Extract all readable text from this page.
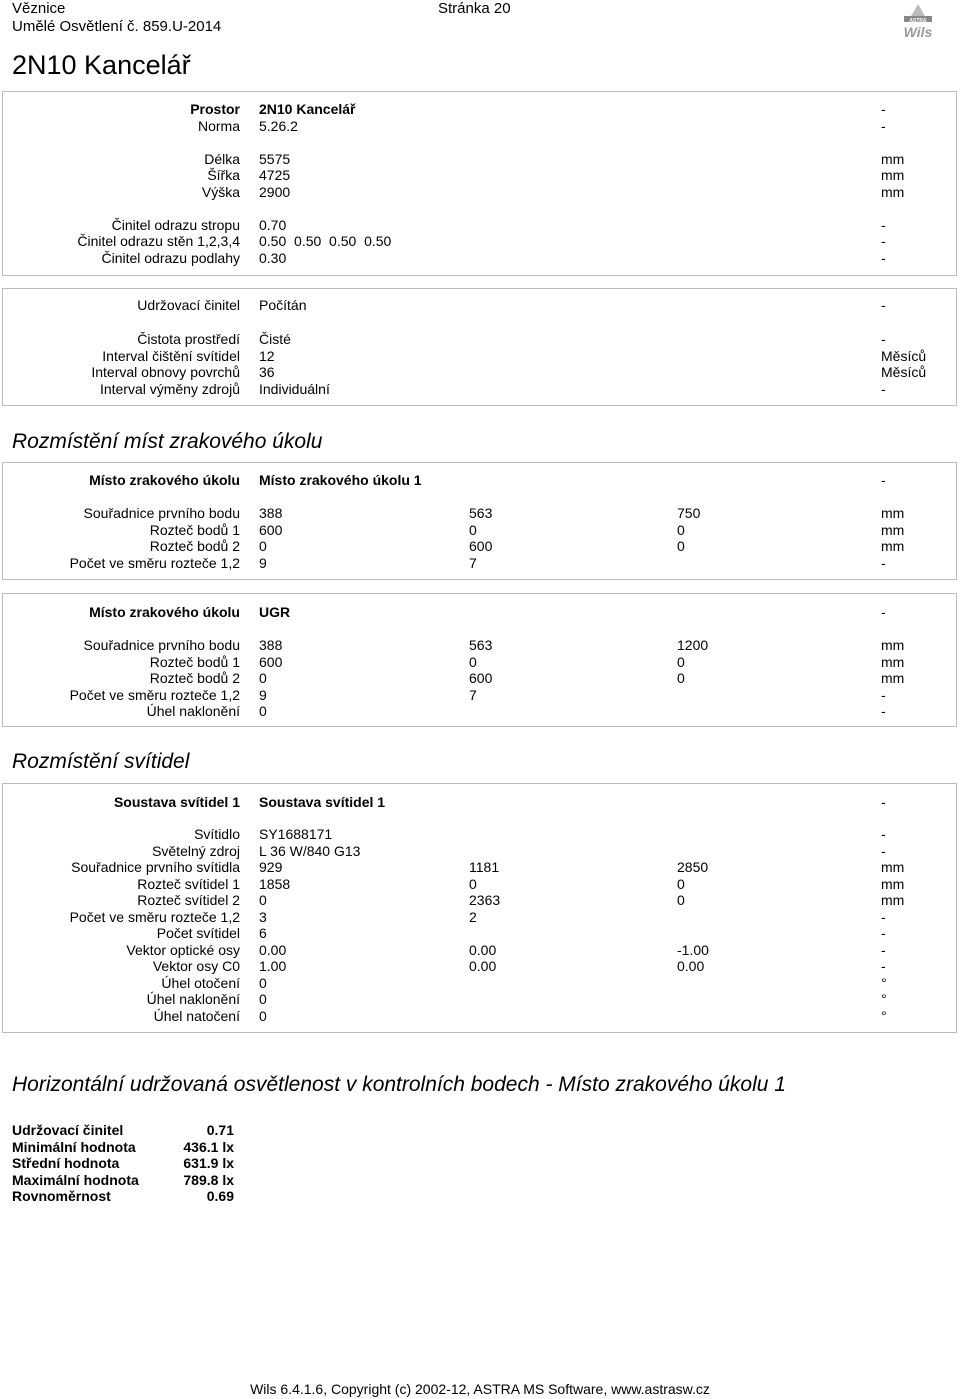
Věznice
Umělé Osvětlení č. 859.U-2014
Stránka 20
ASTRA
Wils
2N10 Kancelář
Prostor 2N10 Kancelář	-
Norma 5.26.2	-
Délka 5575	mm
Šířka 4725	mm
Výška 2900	mm
Činitel odrazu stropu 0.70	-
Činitel odrazu stěn 1,2,3,4 0.50  0.50  0.50  0.50	-
Činitel odrazu podlahy 0.30	-
Udržovací činitel Počítán	-
Čistota prostředí Čisté	-
Interval čištění svítidel 12	Měsíců
Interval obnovy povrchů 36	Měsíců
Interval výměny zdrojů Individuální	-
Rozmístění míst zrakového úkolu
Místo zrakového úkolu Místo zrakového úkolu 1	-
Souřadnice prvního bodu 388	563	750	mm
Rozteč bodů 1 600	0	0	mm
Rozteč bodů 2 0	600	0	mm
Počet ve směru rozteče 1,2 9	7	-
Místo zrakového úkolu UGR	-
Souřadnice prvního bodu 388	563	1200	mm
Rozteč bodů 1 600	0	0	mm
Rozteč bodů 2 0	600	0	mm
Počet ve směru rozteče 1,2 9	7	-
Úhel naklonění 0	-
Rozmístění svítidel
Soustava svítidel 1 Soustava svítidel 1	-
Svítidlo SY1688171	-
Světelný zdroj L 36 W/840 G13	-
Souřadnice prvního svítidla 929	1181	2850	mm
Rozteč svítidel 1 1858	0	0	mm
Rozteč svítidel 2 0	2363	0	mm
Počet ve směru rozteče 1,2 3	2	-
Počet svítidel 6	-
Vektor optické osy 0.00	0.00	-1.00	-
Vektor osy C0 1.00	0.00	0.00	-
Úhel otočení 0	°
Úhel naklonění 0	°
Úhel natočení 0	°
Horizontální udržovaná osvětlenost v kontrolních bodech - Místo zrakového úkolu 1
Udržovací činitel	0.71
Minimální hodnota	436.1 lx
Střední hodnota	631.9 lx
Maximální hodnota	789.8 lx
Rovnoměrnost	0.69
Wils 6.4.1.6, Copyright (c) 2002-12, ASTRA MS Software, www.astrasw.cz
